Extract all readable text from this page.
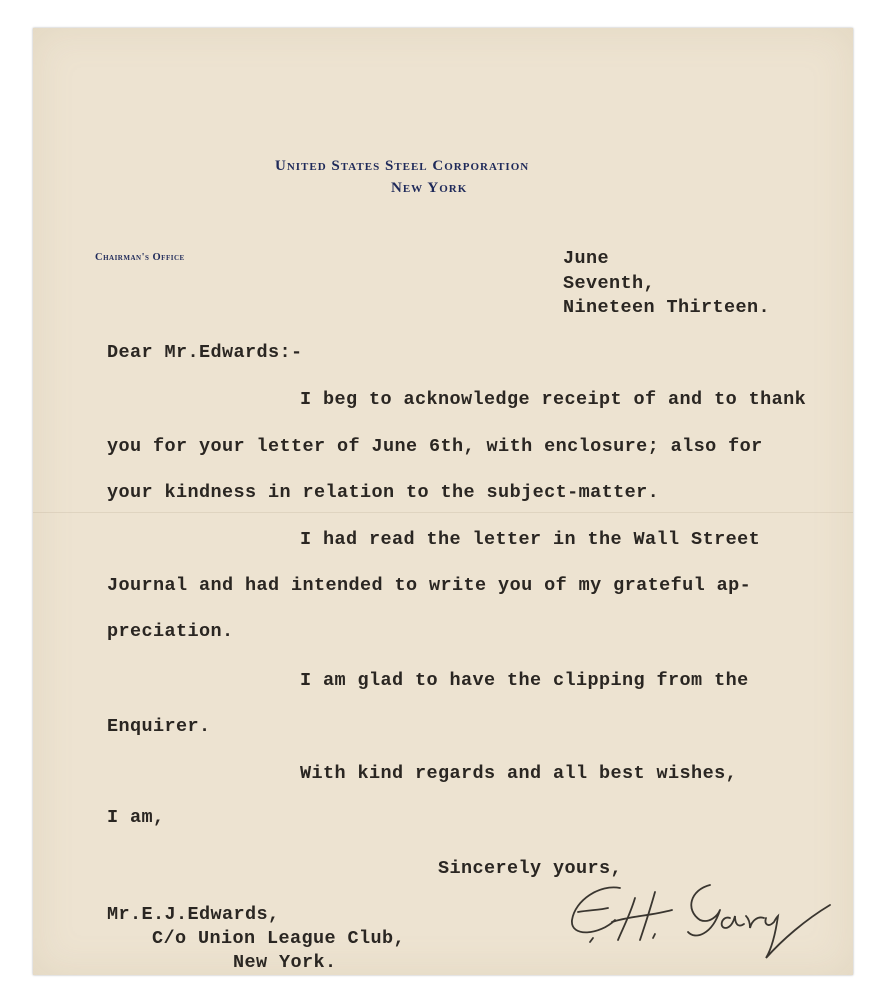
United States Steel Corporation
New York
Chairman's Office	June
Seventh,
Nineteen Thirteen.
Dear Mr.Edwards:-
I beg to acknowledge receipt of and to thank
you for your letter of June 6th, with enclosure; also for
your kindness in relation to the subject-matter.
I had read the letter in the Wall Street
Journal and had intended to write you of my grateful ap-
preciation.
I am glad to have the clipping from the
Enquirer.
With kind regards and all best wishes,
I am,
Sincerely yours,
Mr.E.J.Edwards,
C/o Union League Club,
New York.
